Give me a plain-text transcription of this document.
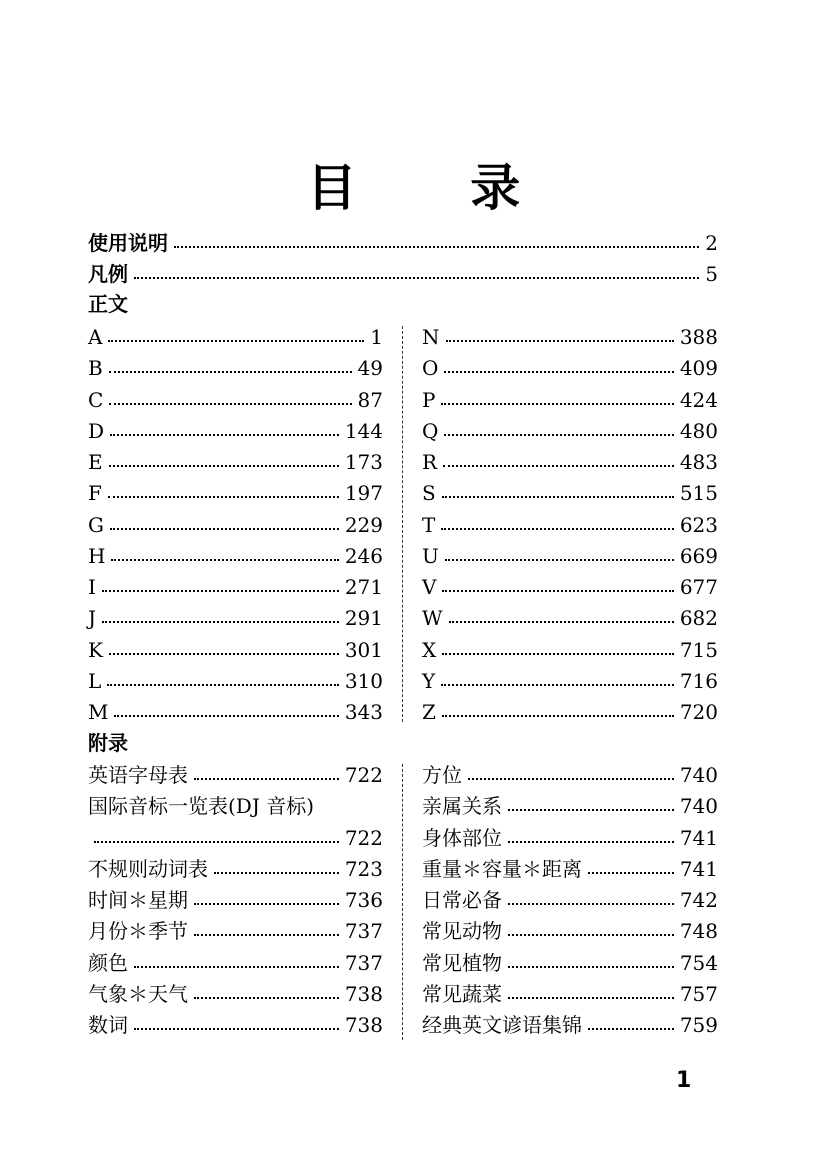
目 录
使用说明	2
凡例	5
A	1
B	49
C	87
D	144
E	173
F	197
G	229
H	246
I	271
J	291
K	301
L	310
M	343
N	388
O	409
P	424
Q	480
R	483
S	515
T	623
U	669
V	677
W	682
X	715
Y	716
Z	720
英语字母表	722
国际音标一览表(DJ 音标)
722
不规则动词表	723
时间＊星期	736
月份＊季节	737
颜色	737
气象＊天气	738
数词	738
方位	740
亲属关系	740
身体部位	741
重量＊容量＊距离	741
日常必备	742
常见动物	748
常见植物	754
常见蔬菜	757
经典英文谚语集锦	759
正文
附录
1
